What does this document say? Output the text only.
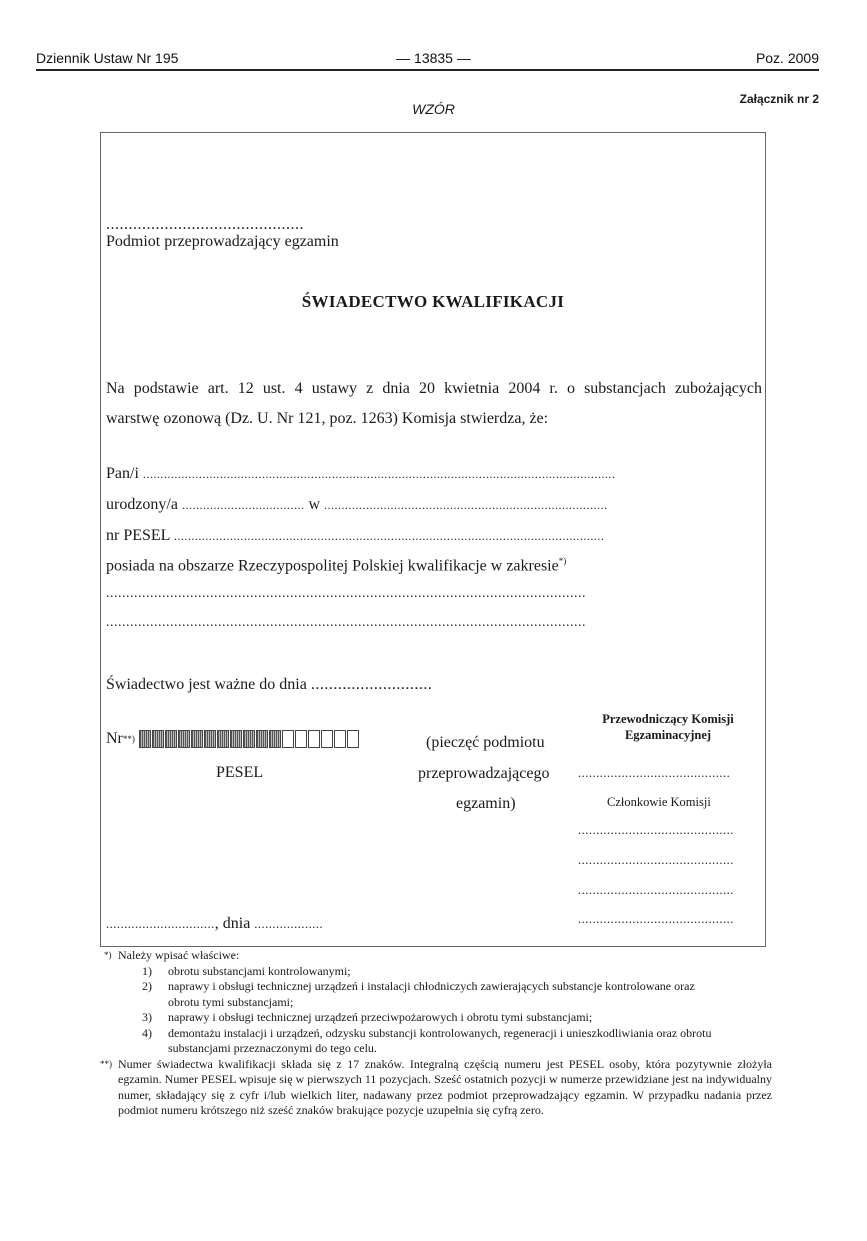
Dziennik Ustaw Nr 195	— 13835 —	Poz. 2009
Załącznik nr 2
WZÓR
............................................
Podmiot przeprowadzający egzamin
ŚWIADECTWO KWALIFIKACJI
Na podstawie art. 12 ust. 4 ustawy z dnia 20 kwietnia 2004 r. o substancjach zubożających
warstwę ozonową (Dz. U. Nr 121, poz. 1263) Komisja stwierdza, że:
Pan/i .......................................................................................................................................
urodzony/a ................................... w .................................................................................
nr PESEL ...........................................................................................................................
posiada na obszarze Rzeczypospolitej Polskiej kwalifikacje w zakresie*)
........................................................................................................................
........................................................................................................................
Świadectwo jest ważne do dnia ...........................
Nr **)
PESEL
(pieczęć podmiotu
przeprowadzającego
egzamin)
Przewodniczący Komisji
Egzaminacyjnej
..........................................
Członkowie Komisji
...........................................
...........................................
...........................................
...........................................
.............................., dnia ...................
*) Należy wpisać właściwe:
1) obrotu substancjami kontrolowanymi;
2) naprawy i obsługi technicznej urządzeń i instalacji chłodniczych zawierających substancje kontrolowane oraz obrotu tymi substancjami;
3) naprawy i obsługi technicznej urządzeń przeciwpożarowych i obrotu tymi substancjami;
4) demontażu instalacji i urządzeń, odzysku substancji kontrolowanych, regeneracji i unieszkodliwiania oraz obrotu substancjami przeznaczonymi do tego celu.
**) Numer świadectwa kwalifikacji składa się z 17 znaków. Integralną częścią numeru jest PESEL osoby, która pozytywnie złożyła egzamin. Numer PESEL wpisuje się w pierwszych 11 pozycjach. Sześć ostatnich pozycji w numerze przewidziane jest na indywidualny numer, składający się z cyfr i/lub wielkich liter, nadawany przez podmiot przeprowadzający egzamin. W przypadku nadania przez podmiot numeru krótszego niż sześć znaków brakujące pozycje uzupełnia się cyfrą zero.
